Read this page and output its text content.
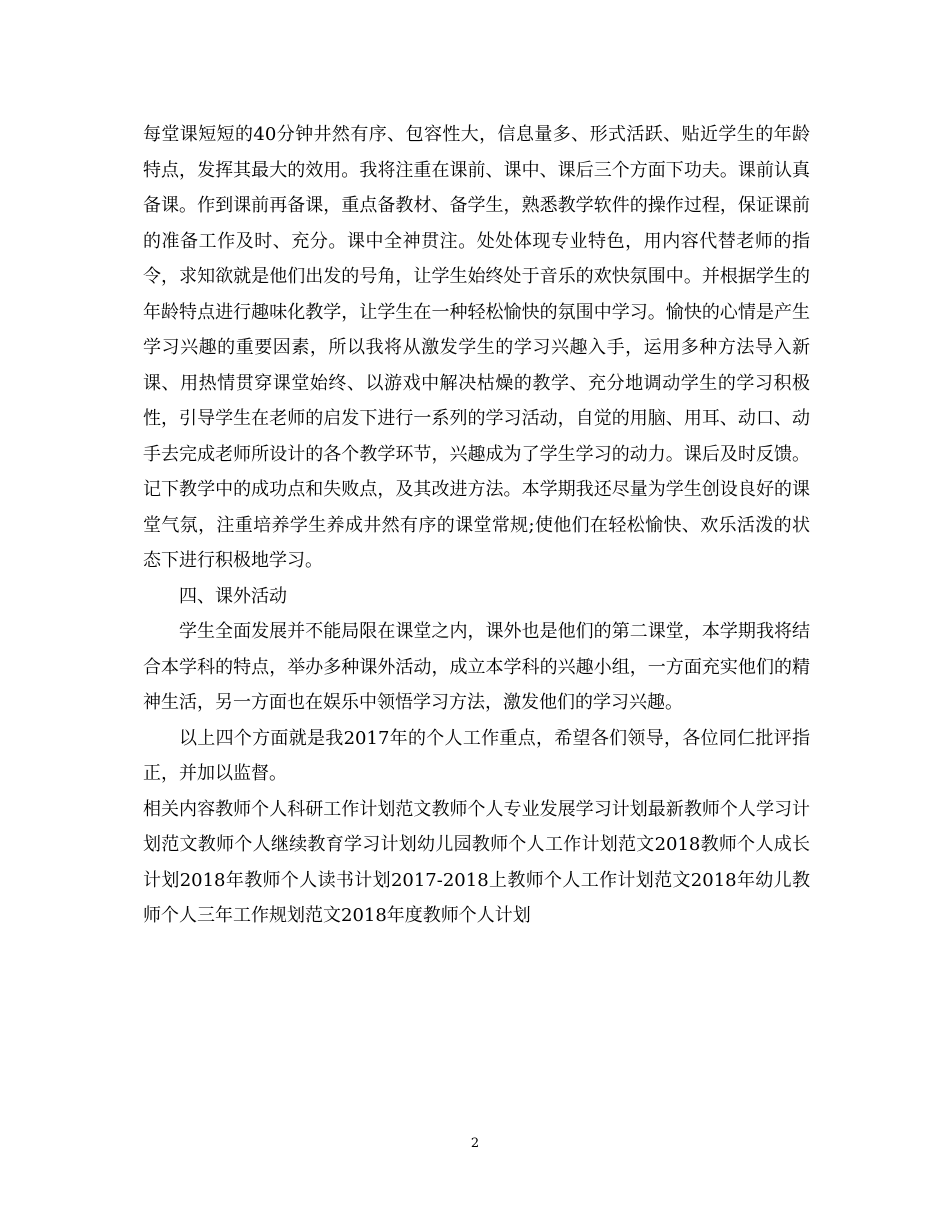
每堂课短短的40分钟井然有序、包容性大，信息量多、形式活跃、贴近学生的年龄特点，发挥其最大的效用。我将注重在课前、课中、课后三个方面下功夫。课前认真备课。作到课前再备课，重点备教材、备学生，熟悉教学软件的操作过程，保证课前的准备工作及时、充分。课中全神贯注。处处体现专业特色，用内容代替老师的指令，求知欲就是他们出发的号角，让学生始终处于音乐的欢快氛围中。并根据学生的年龄特点进行趣味化教学，让学生在一种轻松愉快的氛围中学习。愉快的心情是产生学习兴趣的重要因素，所以我将从激发学生的学习兴趣入手，运用多种方法导入新课、用热情贯穿课堂始终、以游戏中解决枯燥的教学、充分地调动学生的学习积极性，引导学生在老师的启发下进行一系列的学习活动，自觉的用脑、用耳、动口、动手去完成老师所设计的各个教学环节，兴趣成为了学生学习的动力。课后及时反馈。记下教学中的成功点和失败点，及其改进方法。本学期我还尽量为学生创设良好的课堂气氛，注重培养学生养成井然有序的课堂常规;使他们在轻松愉快、欢乐活泼的状态下进行积极地学习。

四、课外活动

学生全面发展并不能局限在课堂之内，课外也是他们的第二课堂，本学期我将结合本学科的特点，举办多种课外活动，成立本学科的兴趣小组，一方面充实他们的精神生活，另一方面也在娱乐中领悟学习方法，激发他们的学习兴趣。

以上四个方面就是我2017年的个人工作重点，希望各们领导，各位同仁批评指正，并加以监督。

相关内容教师个人科研工作计划范文教师个人专业发展学习计划最新教师个人学习计划范文教师个人继续教育学习计划幼儿园教师个人工作计划范文2018教师个人成长计划2018年教师个人读书计划2017-2018上教师个人工作计划范文2018年幼儿教师个人三年工作规划范文2018年度教师个人计划

2
